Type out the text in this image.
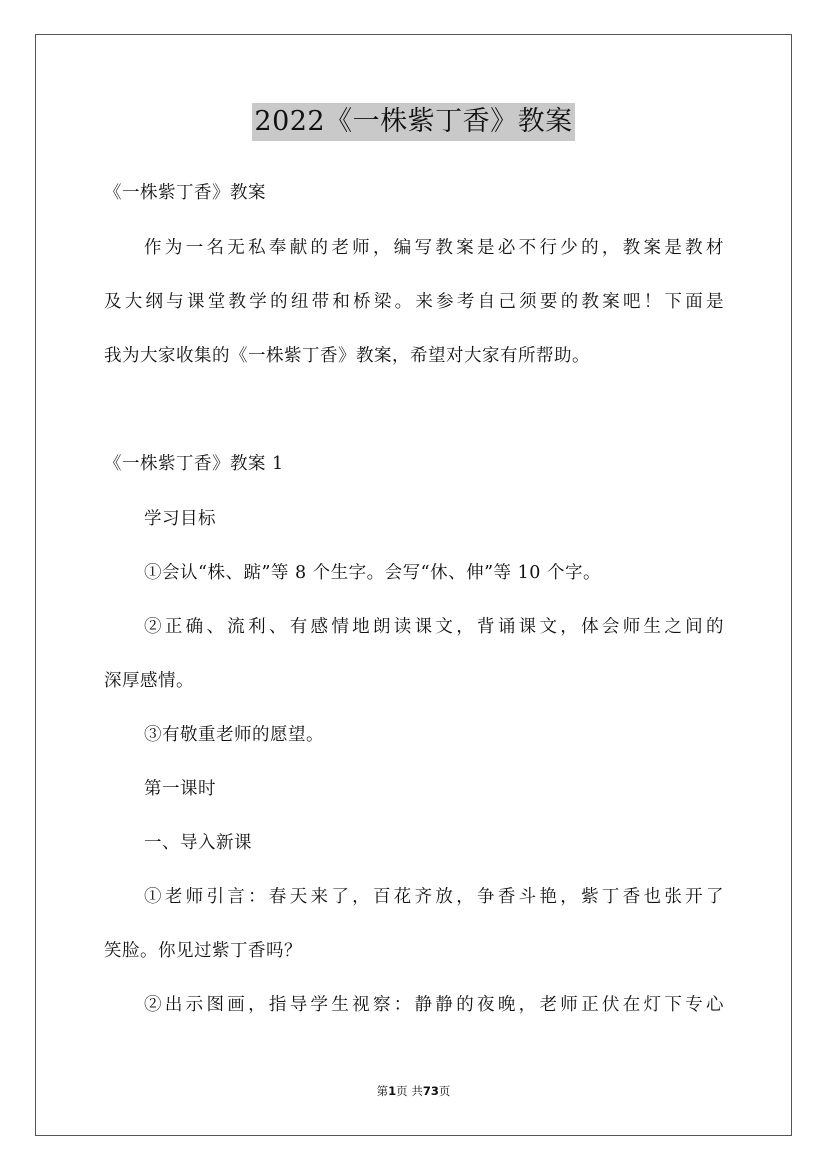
2022《一株紫丁香》教案
《一株紫丁香》教案
作为一名无私奉献的老师，编写教案是必不行少的，教案是教材
及大纲与课堂教学的纽带和桥梁。来参考自己须要的教案吧！下面是
我为大家收集的《一株紫丁香》教案，希望对大家有所帮助。
《一株紫丁香》教案 1
学习目标
①会认“株、踮”等 8 个生字。会写“休、伸”等 10 个字。
②正确、流利、有感情地朗读课文，背诵课文，体会师生之间的
深厚感情。
③有敬重老师的愿望。
第一课时
一、导入新课
①老师引言：春天来了，百花齐放，争香斗艳，紫丁香也张开了
笑脸。你见过紫丁香吗？
②出示图画，指导学生视察：静静的夜晚，老师正伏在灯下专心
第1页 共73页
